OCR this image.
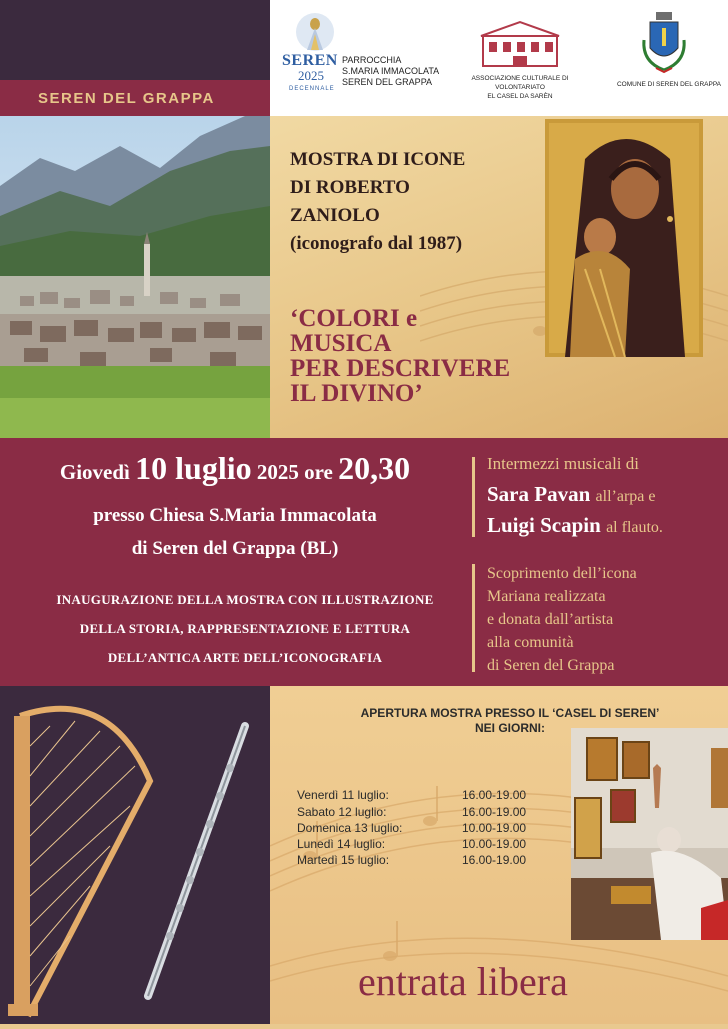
SEREN DEL GRAPPA
SEREN
2025
DECENNALE
PARROCCHIA
S.MARIA IMMACOLATA
SEREN DEL GRAPPA	ASSOCIAZIONE CULTURALE DI
VOLONTARIATO
EL CASEL DA SARÈN
COMUNE DI SEREN DEL GRAPPA
MOSTRA DI ICONE
DI ROBERTO
ZANIOLO
(iconografo dal 1987)
‘COLORI e
MUSICA
PER DESCRIVERE
IL DIVINO’
Giovedì 10 luglio 2025 ore 20,30
presso Chiesa S.Maria Immacolata
di Seren del Grappa (BL)
INAUGURAZIONE DELLA MOSTRA CON ILLUSTRAZIONE
DELLA STORIA, RAPPRESENTAZIONE E LETTURA
DELL’ANTICA ARTE DELL’ICONOGRAFIA
Intermezzi musicali di
Sara Pavan all’arpa e
Luigi Scapin al flauto.
Scoprimento dell’icona
Mariana realizzata
e donata dall’artista
alla comunità
di Seren del Grappa
APERTURA MOSTRA PRESSO IL ‘CASEL DI SEREN’
NEI GIORNI:
Venerdì 11 luglio:	16.00-19.00
Sabato 12 luglio:	16.00-19.00
Domenica 13 luglio:	10.00-19.00
Lunedì 14 luglio:	10.00-19.00
Martedì 15 luglio:	16.00-19.00
entrata libera
